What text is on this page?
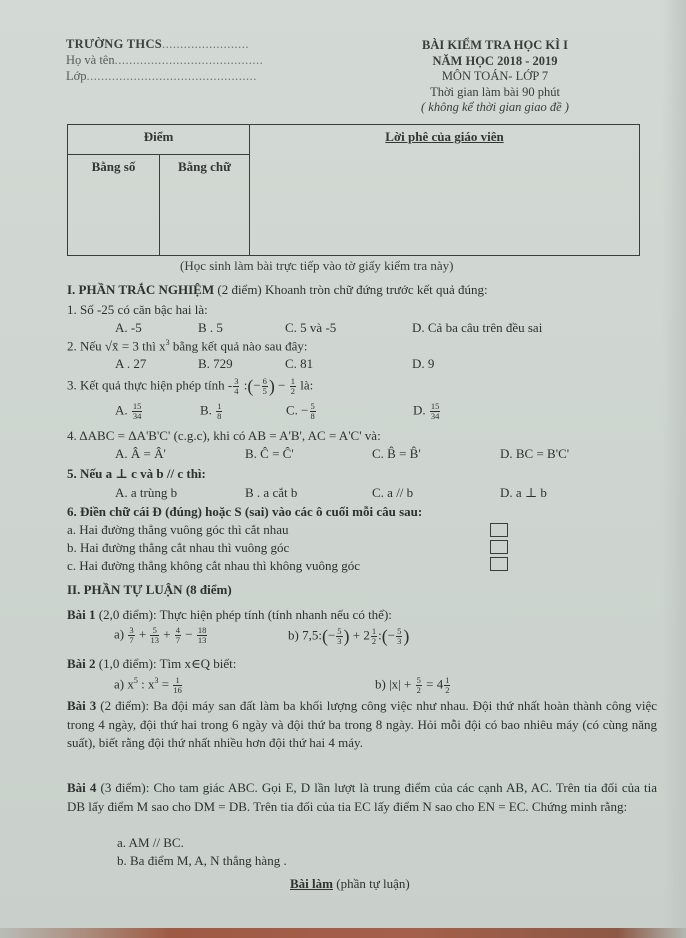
TRƯỜNG THCS........................
Họ và tên.........................................
Lớp...............................................
BÀI KIỂM TRA HỌC KÌ I
NĂM HỌC 2018 - 2019
MÔN TOÁN- LỚP 7
Thời gian làm bài 90 phút
( không kể thời gian giao đề )
Điểm		Lời phê của giáo viên
Bằng số	Bằng chữ	
(Học sinh làm bài trực tiếp vào tờ giấy kiểm tra này)
I. PHẦN TRẮC NGHIỆM (2 điểm) Khoanh tròn chữ đứng trước kết quả đúng:
1. Số -25 có căn bậc hai là:
A. -5	B . 5	C. 5 và -5	D. Cả ba câu trên đều sai
2. Nếu √x̄ = 3 thì $x^3$ bằng kết quả nào sau đây:
A . 27	B. 729	C. 81	D. 9
3. Kết quả thực hiện phép tính - $\frac{3}{4}$ :(− $\frac{6}{5}$ ) − $\frac{1}{2}$ là:
A. $\frac{15}{34}$	B. $\frac{1}{8}$	C. − $\frac{5}{8}$	D. $\frac{15}{34}$
4. ΔABC = ΔA'B'C' (c.g.c), khi có AB = A'B', AC = A'C' và:
A. Â = Â'	B. Ĉ = Ĉ'	C. B̂ = B̂'	D. BC = B'C'
5. Nếu a ⊥ c và b // c thì:
A. a trùng b	B . a cắt b	C. a // b	D. a ⊥ b
6. Điền chữ cái Đ (đúng) hoặc S (sai) vào các ô cuối mỗi câu sau:
a. Hai đường thẳng vuông góc thì cắt nhau
b. Hai đường thẳng cắt nhau thì vuông góc
c. Hai đường thẳng không cắt nhau thì không vuông góc
II. PHẦN TỰ LUẬN (8 điểm)
Bài 1 (2,0 điểm): Thực hiện phép tính (tính nhanh nếu có thể):
$a) \frac{3}{7} + \frac{5}{13} + \frac{4}{7} - \frac{18}{13}$	b) 7,5:(− $\frac{5}{3}$ ) + $2 \frac{1}{2}$ :(− $\frac{5}{3}$ )
Bài 2 (1,0 điểm): Tìm x∈Q biết:
a) $x^5$ : $x^3 = \frac{1}{16}$	b) $|x| + \frac{5}{2} = 4 \frac{1}{2}$
Bài 3 (2 điểm): Ba đội máy san đất làm ba khối lượng công việc như nhau. Đội thứ nhất hoàn thành công việc trong 4 ngày, đội thứ hai trong 6 ngày và đội thứ ba trong 8 ngày. Hỏi mỗi đội có bao nhiêu máy (có cùng năng suất), biết rằng đội thứ nhất nhiều hơn đội thứ hai 4 máy.
Bài 4 (3 điểm): Cho tam giác ABC. Gọi E, D lần lượt là trung điểm của các cạnh AB, AC. Trên tia đối của tia DB lấy điểm M sao cho DM = DB. Trên tia đối của tia EC lấy điểm N sao cho EN = EC. Chứng minh rằng:
a. AM // BC.
b. Ba điểm M, A, N thẳng hàng .
Bài làm (phần tự luận)
